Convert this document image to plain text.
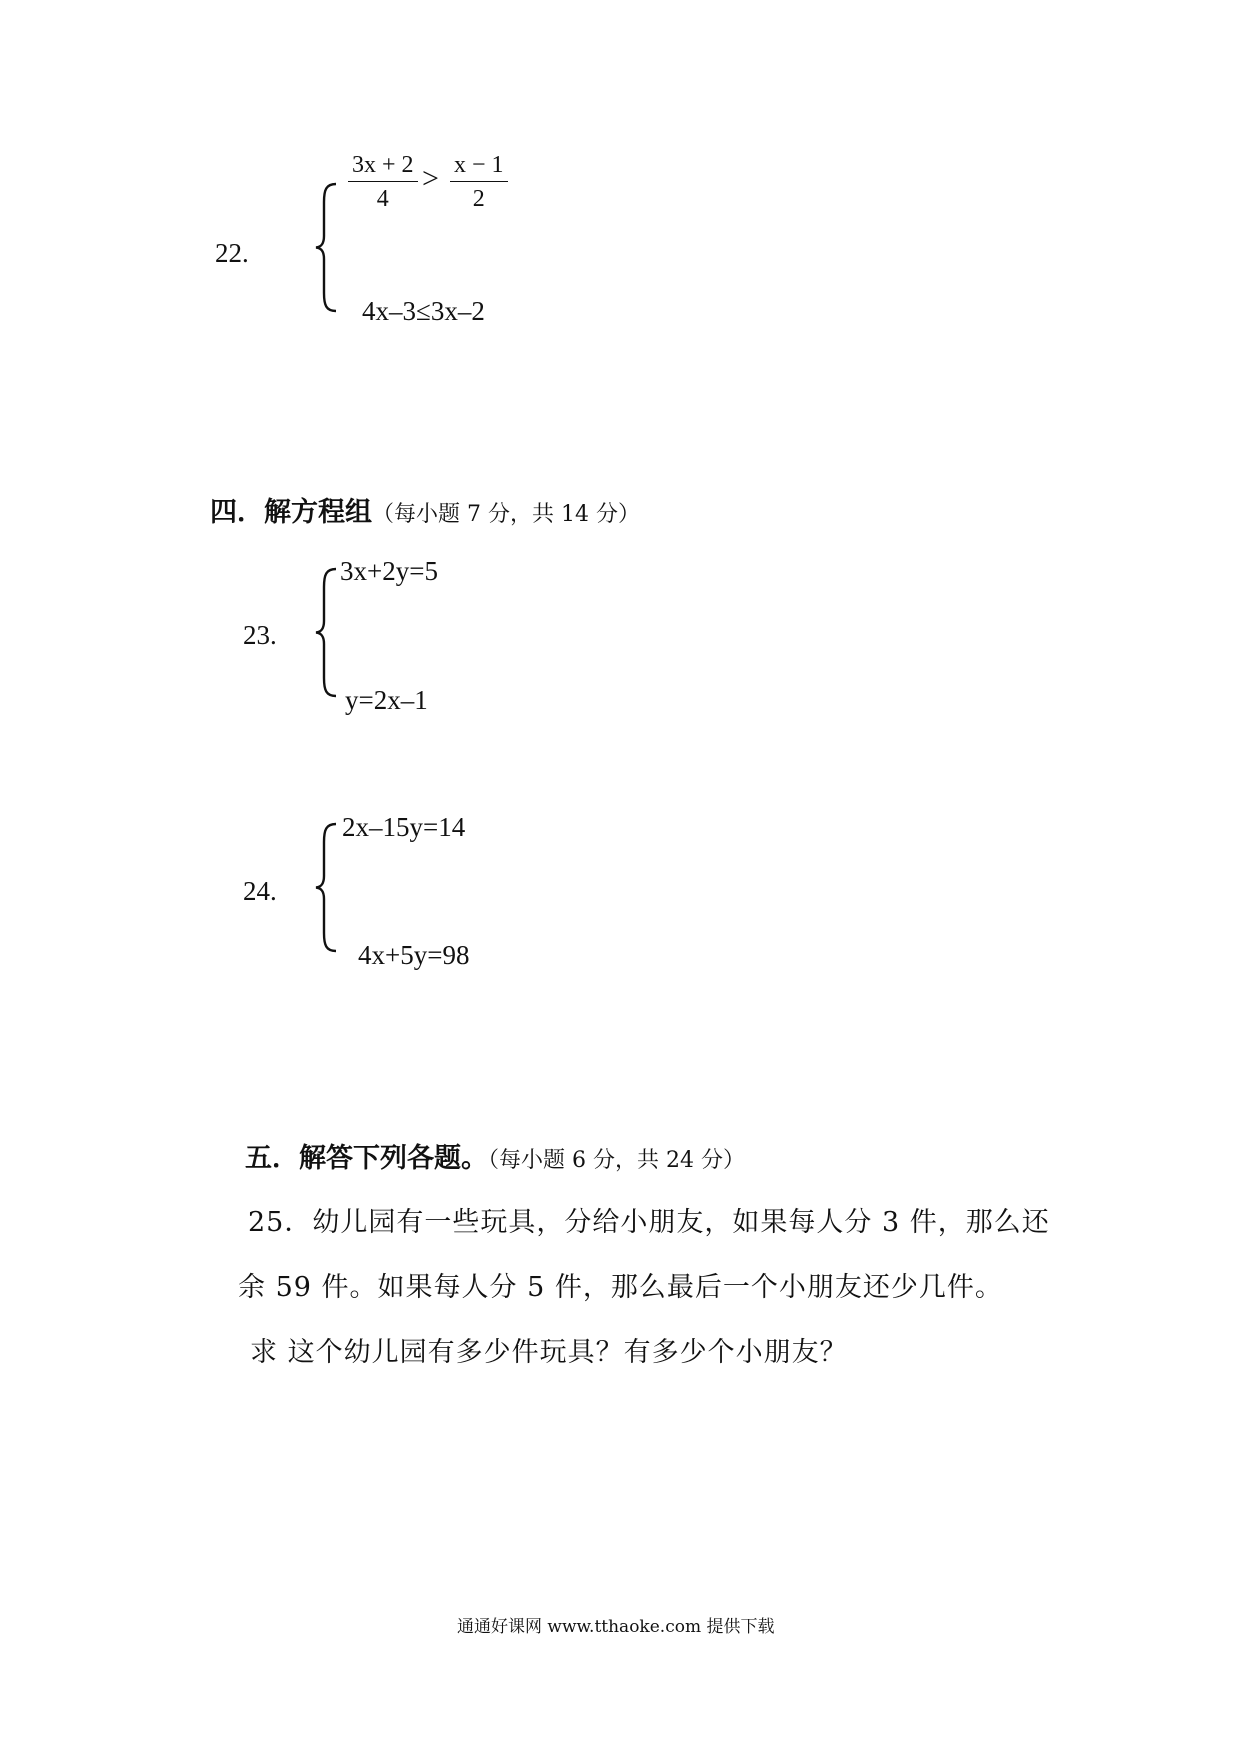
22.
3x + 2
4
> x − 1
2
4x–3≤3x–2
四．解方程组（每小题 7 分，共 14 分）
23.
3x+2y=5
y=2x–1
24.
2x–15y=14
4x+5y=98
五．解答下列各题。（每小题 6 分，共 24 分）
25．幼儿园有一些玩具，分给小朋友，如果每人分 3 件，那么还
余 59 件。如果每人分 5 件，那么最后一个小朋友还少几件。
求 这个幼儿园有多少件玩具？有多少个小朋友？
通通好课网 www.tthaoke.com 提供下载
